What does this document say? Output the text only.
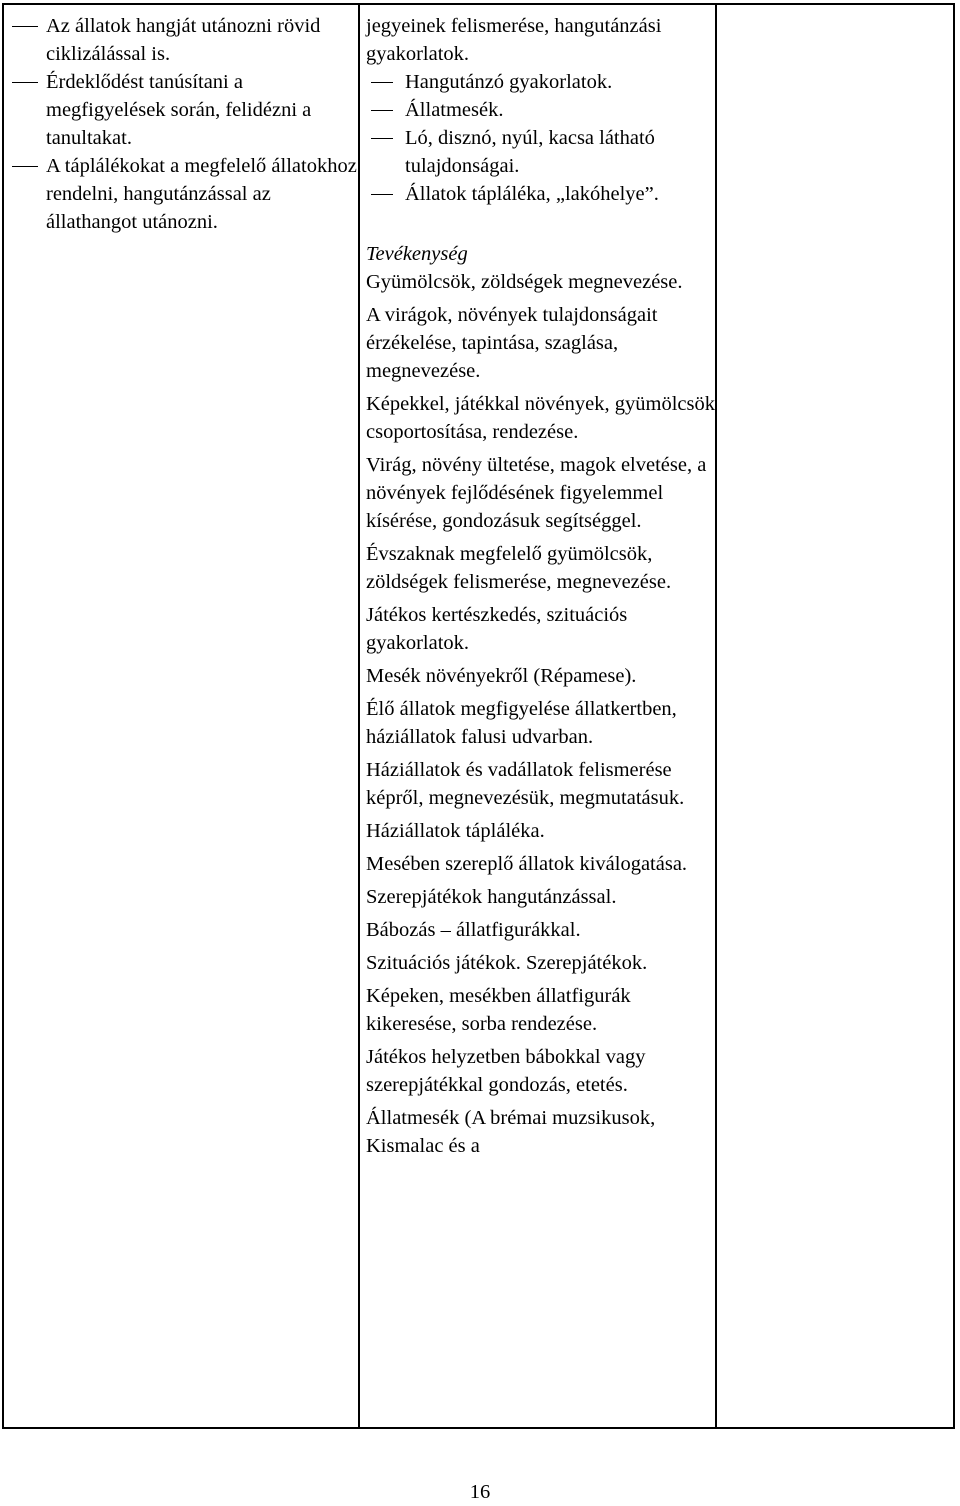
Az állatok hangját utánozni rövid ciklizálással is.
Érdeklődést tanúsítani a megfigyelések során, felidézni a tanultakat.
A táplálékokat a megfelelő állatokhoz rendelni, hangutánzással az állathangot utánozni.
jegyeinek felismerése, hangutánzási gyakorlatok.
Hangutánzó gyakorlatok.
Állatmesék.
Ló, disznó, nyúl, kacsa látható tulajdonságai.
Állatok tápláléka, „lakóhelye”.
Tevékenység
Gyümölcsök, zöldségek megnevezése.
A virágok, növények tulajdonságait érzékelése, tapintása, szaglása, megnevezése.
Képekkel, játékkal növények, gyümölcsök csoportosítása, rendezése.
Virág, növény ültetése, magok elvetése, a növények fejlődésének figyelemmel kísérése, gondozásuk segítséggel.
Évszaknak megfelelő gyümölcsök, zöldségek felismerése, megnevezése.
Játékos kertészkedés, szituációs gyakorlatok.
Mesék növényekről (Répamese).
Élő állatok megfigyelése állatkertben, háziállatok falusi udvarban.
Háziállatok és vadállatok felismerése képről, megnevezésük, megmutatásuk.
Háziállatok tápláléka.
Mesében szereplő állatok kiválogatása.
Szerepjátékok hangutánzással.
Bábozás – állatfigurákkal.
Szituációs játékok. Szerepjátékok.
Képeken, mesékben állatfigurák kikeresése, sorba rendezése.
Játékos helyzetben bábokkal vagy szerepjátékkal gondozás, etetés.
Állatmesék (A brémai muzsikusok, Kismalac és a
16
